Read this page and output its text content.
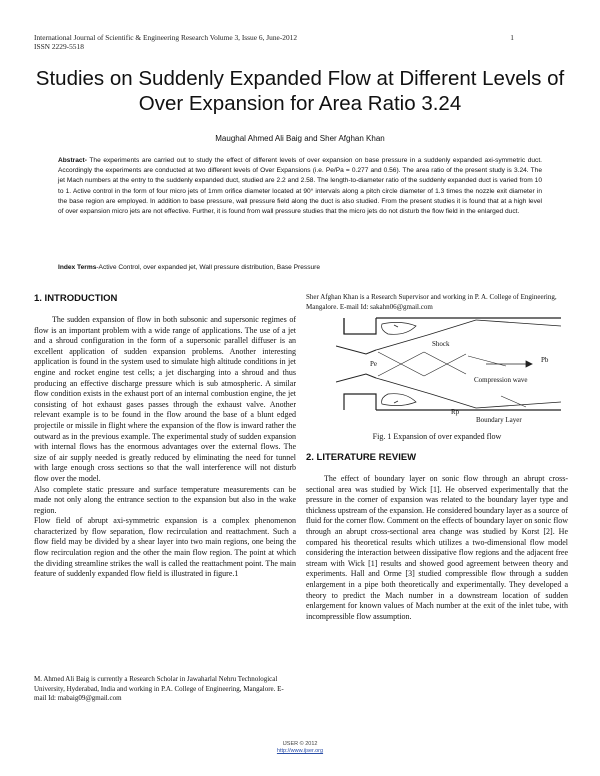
International Journal of Scientific & Engineering Research Volume 3, Issue 6, June-2012
ISSN 2229-5518
1
Studies on Suddenly Expanded Flow at Different Levels of Over Expansion for Area Ratio 3.24
Maughal Ahmed Ali Baig and Sher Afghan Khan
Abstract- The experiments are carried out to study the effect of different levels of over expansion on base pressure in a suddenly expanded axi-symmetric duct. Accordingly the experiments are conducted at two different levels of Over Expansions (i.e. Pe/Pa = 0.277 and 0.56). The area ratio of the present study is 3.24. The jet Mach numbers at the entry to the suddenly expanded duct, studied are 2.2 and 2.58. The length-to-diameter ratio of the suddenly expanded duct is varied from 10 to 1. Active control in the form of four micro jets of 1mm orifice diameter located at 90° intervals along a pitch circle diameter of 1.3 times the nozzle exit diameter in the base region are employed. In addition to base pressure, wall pressure field along the duct is also studied. From the present studies it is found that at a high level of over expansion micro jets are not effective. Further, it is found from wall pressure studies that the micro jets do not disturb the flow field in the enlarged duct.
Index Terms-Active Control, over expanded jet, Wall pressure distribution, Base Pressure
1. INTRODUCTION

The sudden expansion of flow in both subsonic and supersonic regimes of flow is an important problem with a wide range of applications. The use of a jet and a shroud configuration in the form of a supersonic parallel diffuser is an excellent application of sudden expansion problems. Another interesting application is found in the system used to simulate high altitude conditions in jet engine and rocket engine test cells; a jet discharging into a shroud and thus producing an effective discharge pressure which is sub atmospheric. A similar flow condition exists in the exhaust port of an internal combustion engine, the jet consisting of hot exhaust gases passes through the exhaust valve. Another relevant example is to be found in the flow around the base of a blunt edged projectile or missile in flight where the expansion of the flow is inward rather the outward as in the previous example. The experimental study of sudden expansion with internal flows has the enormous advantages over the external flows. The size of air supply needed is greatly reduced by eliminating the need for tunnel with large enough cross sections so that the wall interference will not disturb flow over the model.

Also complete static pressure and surface temperature measurements can be made not only along the entrance section to the expansion but also in the wake region.

Flow field of abrupt axi-symmetric expansion is a complex phenomenon characterized by flow separation, flow recirculation and reattachment. Such a flow field may be divided by a shear layer into two main regions, one being the flow recirculation region and the other the main flow region. The point at which the dividing streamline strikes the wall is called the reattachment point. The main feature of suddenly expanded flow field is illustrated in figure.1

M. Ahmed Ali Baig is currently a Research Scholar in Jawaharlal Nehru Technological University, Hyderabad, India and working in P.A. College of Engineering, Mangalore. E-mail Id: mabaig09@gmail.com
Sher Afghan Khan is a Research Supervisor and working in P. A. College of Engineering, Mangalore. E-mail Id: sakahn06@gmail.com
Shock
Pe	Pb
Compression wave
Rp
Boundary Layer
Fig. 1 Expansion of over expanded flow
2. LITERATURE REVIEW

The effect of boundary layer on sonic flow through an abrupt cross-sectional area was studied by Wick [1]. He observed experimentally that the pressure in the corner of expansion was related to the boundary layer type and thickness upstream of the expansion. He considered boundary layer as a source of fluid for the corner flow. Comment on the effects of boundary layer on sonic flow through an abrupt cross-sectional area change was studied by Korst [2]. He compared his theoretical results which utilizes a two-dimensional flow model considering the interaction between dissipative flow regions and the adjacent free stream with Wick [1] results and showed good agreement between theory and experiments. Hall and Orme [3] studied compressible flow through a sudden enlargement in a pipe both theoretically and experimentally. They developed a theory to predict the Mach number in a downstream location of sudden enlargement for known values of Mach number at the exit of the inlet tube, with incompressible flow assumption.

IJSER © 2012
http://www.ijser.org
